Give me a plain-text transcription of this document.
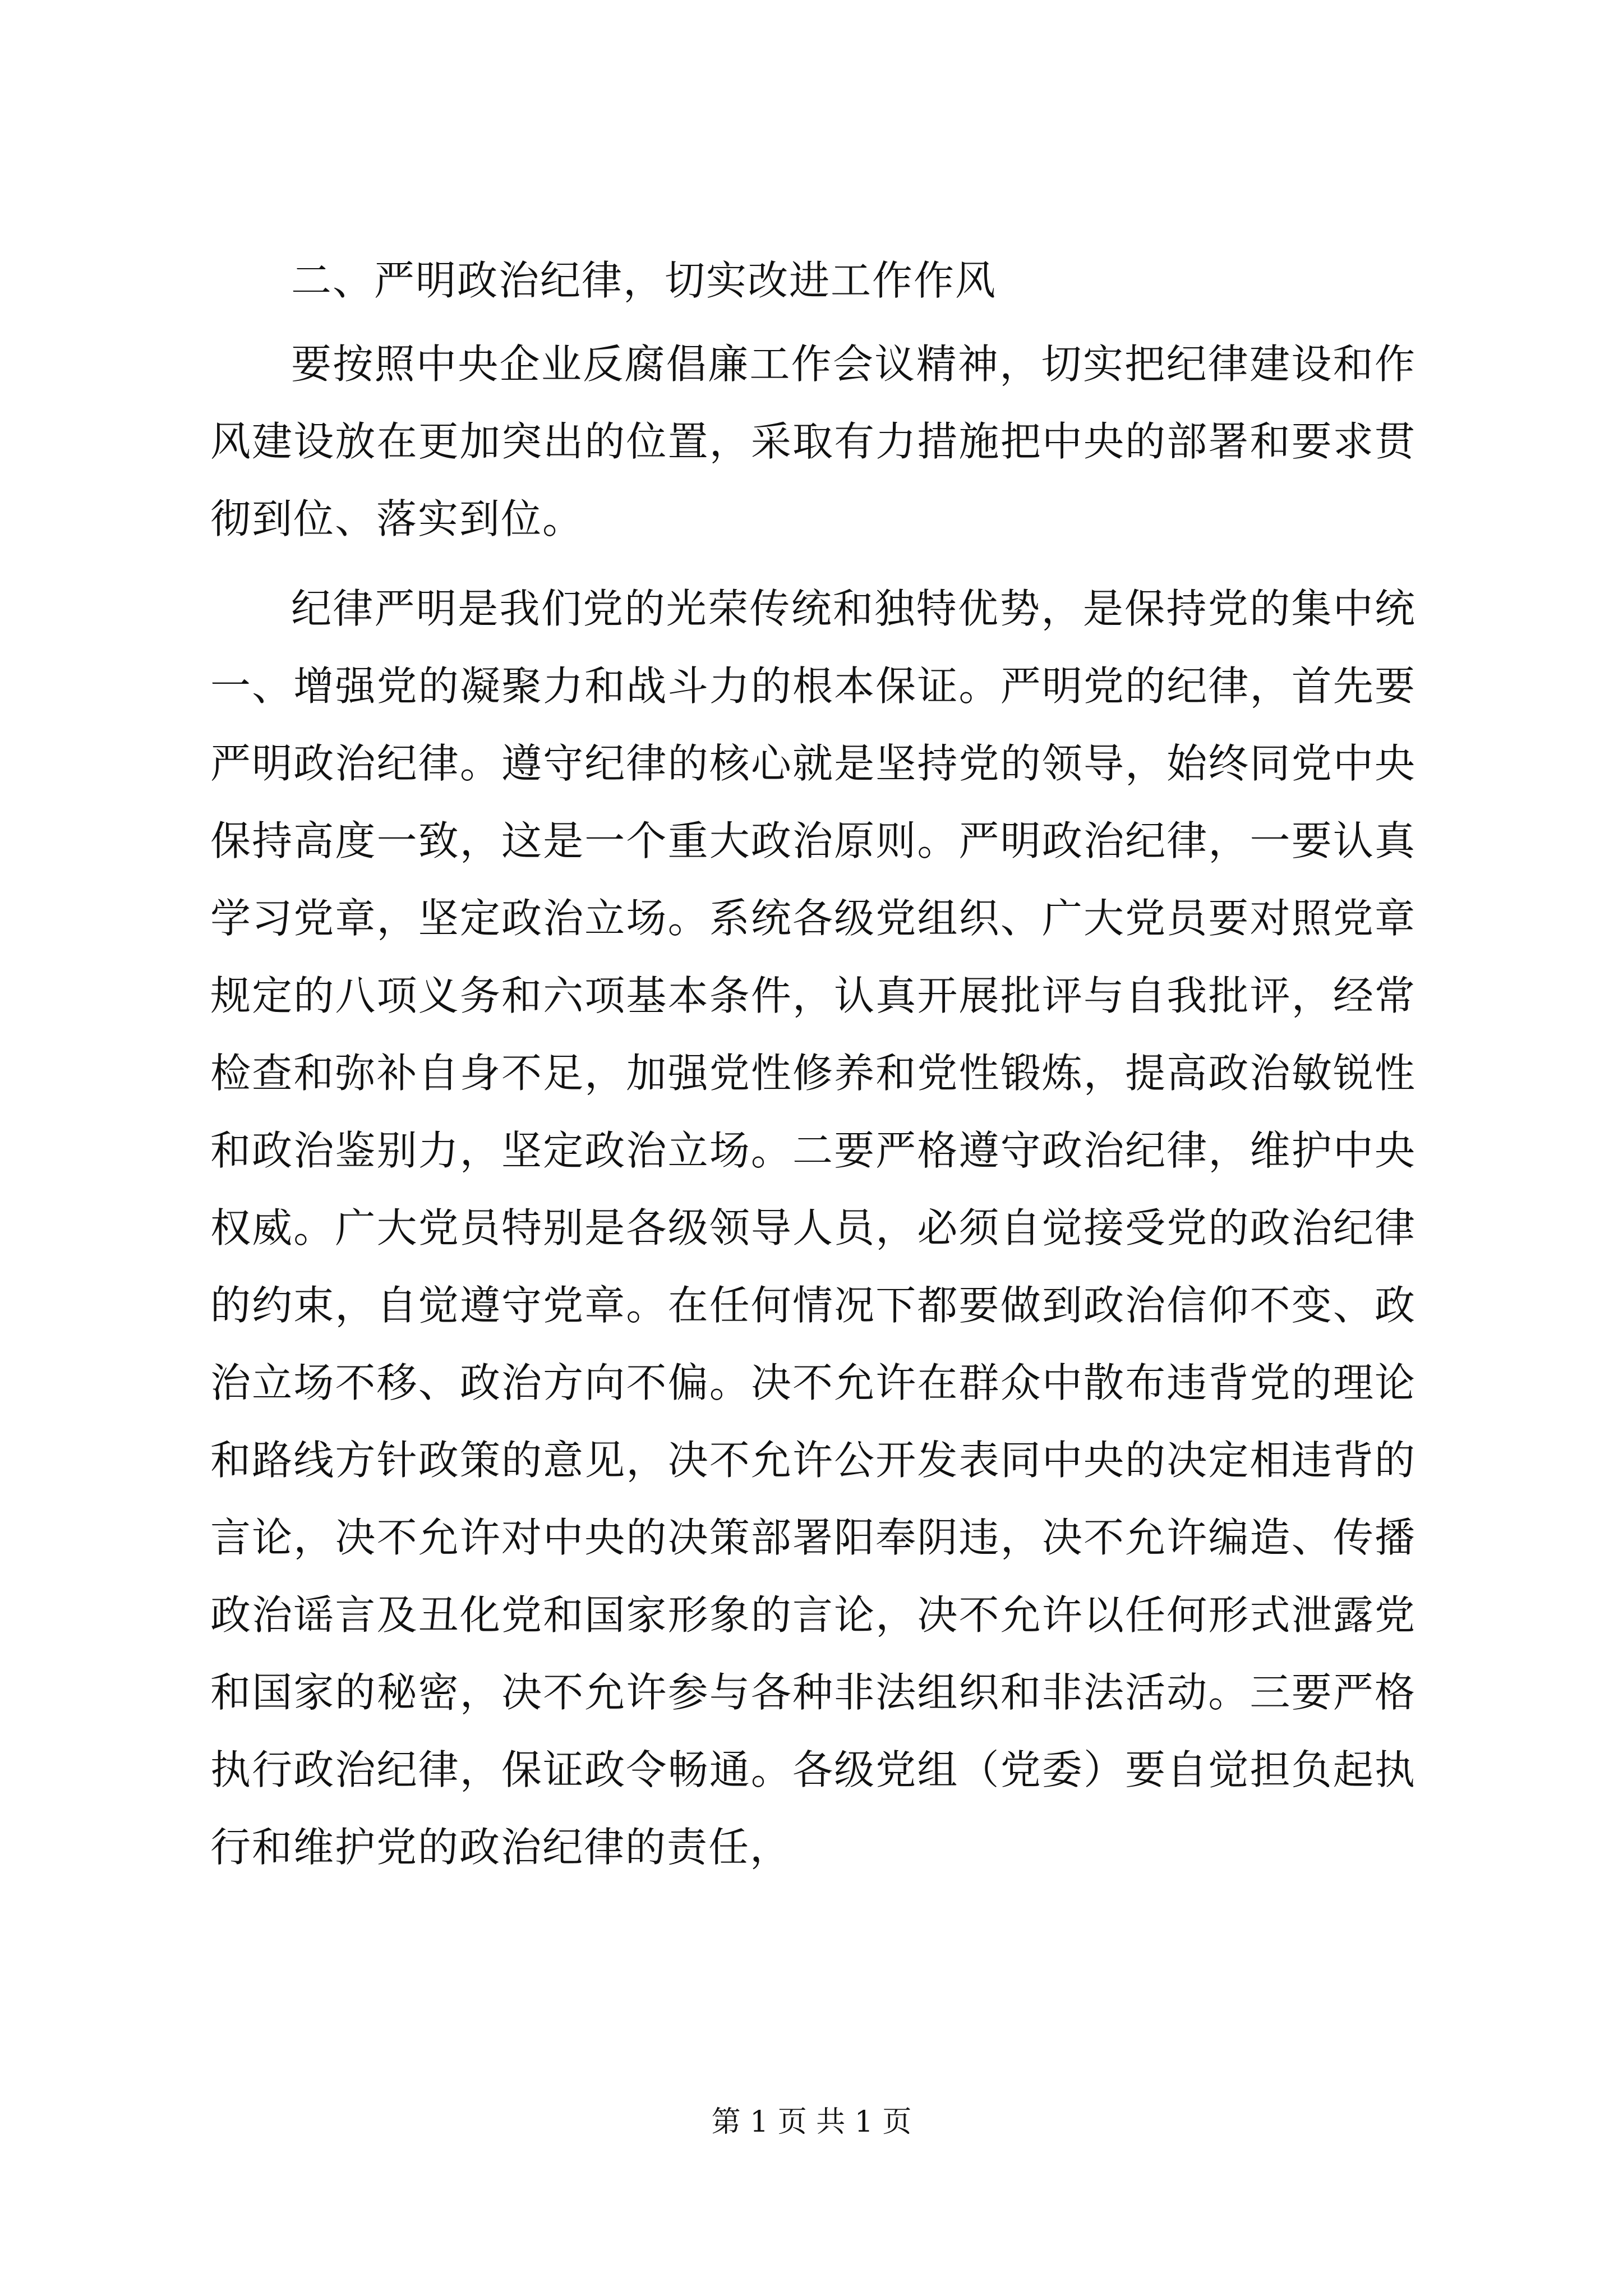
二、严明政治纪律，切实改进工作作风

要按照中央企业反腐倡廉工作会议精神，切实把纪律建设和作风建设放在更加突出的位置，采取有力措施把中央的部署和要求贯彻到位、落实到位。

纪律严明是我们党的光荣传统和独特优势，是保持党的集中统一、增强党的凝聚力和战斗力的根本保证。严明党的纪律，首先要严明政治纪律。遵守纪律的核心就是坚持党的领导，始终同党中央保持高度一致，这是一个重大政治原则。严明政治纪律，一要认真学习党章，坚定政治立场。系统各级党组织、广大党员要对照党章规定的八项义务和六项基本条件，认真开展批评与自我批评，经常检查和弥补自身不足，加强党性修养和党性锻炼，提高政治敏锐性和政治鉴别力，坚定政治立场。二要严格遵守政治纪律，维护中央权威。广大党员特别是各级领导人员，必须自觉接受党的政治纪律的约束，自觉遵守党章。在任何情况下都要做到政治信仰不变、政治立场不移、政治方向不偏。决不允许在群众中散布违背党的理论和路线方针政策的意见，决不允许公开发表同中央的决定相违背的言论，决不允许对中央的决策部署阳奉阴违，决不允许编造、传播政治谣言及丑化党和国家形象的言论，决不允许以任何形式泄露党和国家的秘密，决不允许参与各种非法组织和非法活动。三要严格执行政治纪律，保证政令畅通。各级党组（党委）要自觉担负起执行和维护党的政治纪律的责任，

第 1 页 共 1 页
